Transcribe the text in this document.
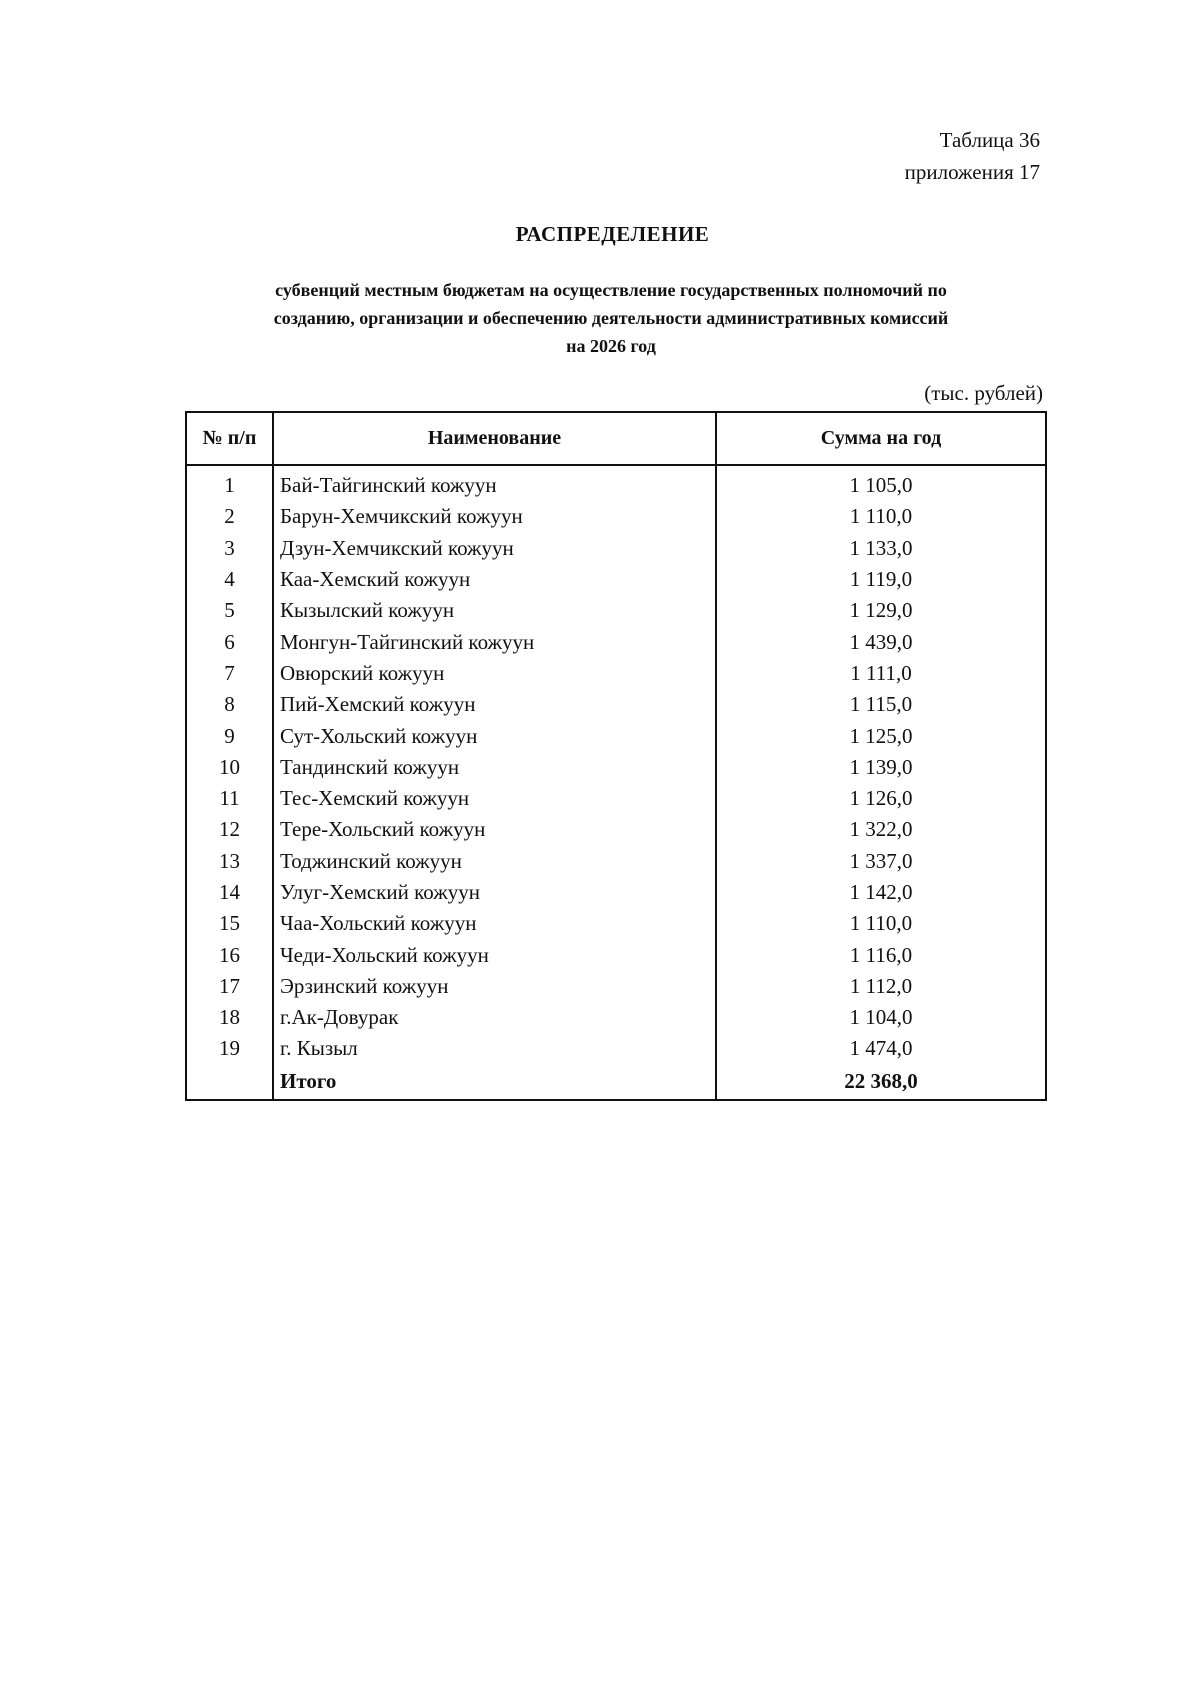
Таблица 36
приложения 17
РАСПРЕДЕЛЕНИЕ
субвенций местным бюджетам на осуществление государственных полномочий по
созданию, организации и обеспечению деятельности административных комиссий
на 2026 год
(тыс. рублей)
№ п/п	Наименование	Сумма на год
1	Бай-Тайгинский кожуун	1 105,0
2	Барун-Хемчикский кожуун	1 110,0
3	Дзун-Хемчикский кожуун	1 133,0
4	Каа-Хемский кожуун	1 119,0
5	Кызылский кожуун	1 129,0
6	Монгун-Тайгинский кожуун	1 439,0
7	Овюрский кожуун	1 111,0
8	Пий-Хемский кожуун	1 115,0
9	Сут-Хольский кожуун	1 125,0
10	Тандинский кожуун	1 139,0
11	Тес-Хемский кожуун	1 126,0
12	Тере-Хольский кожуун	1 322,0
13	Тоджинский кожуун	1 337,0
14	Улуг-Хемский кожуун	1 142,0
15	Чаа-Хольский кожуун	1 110,0
16	Чеди-Хольский кожуун	1 116,0
17	Эрзинский кожуун	1 112,0
18	г.Ак-Довурак	1 104,0
19	г. Кызыл	1 474,0
	Итого	22 368,0
